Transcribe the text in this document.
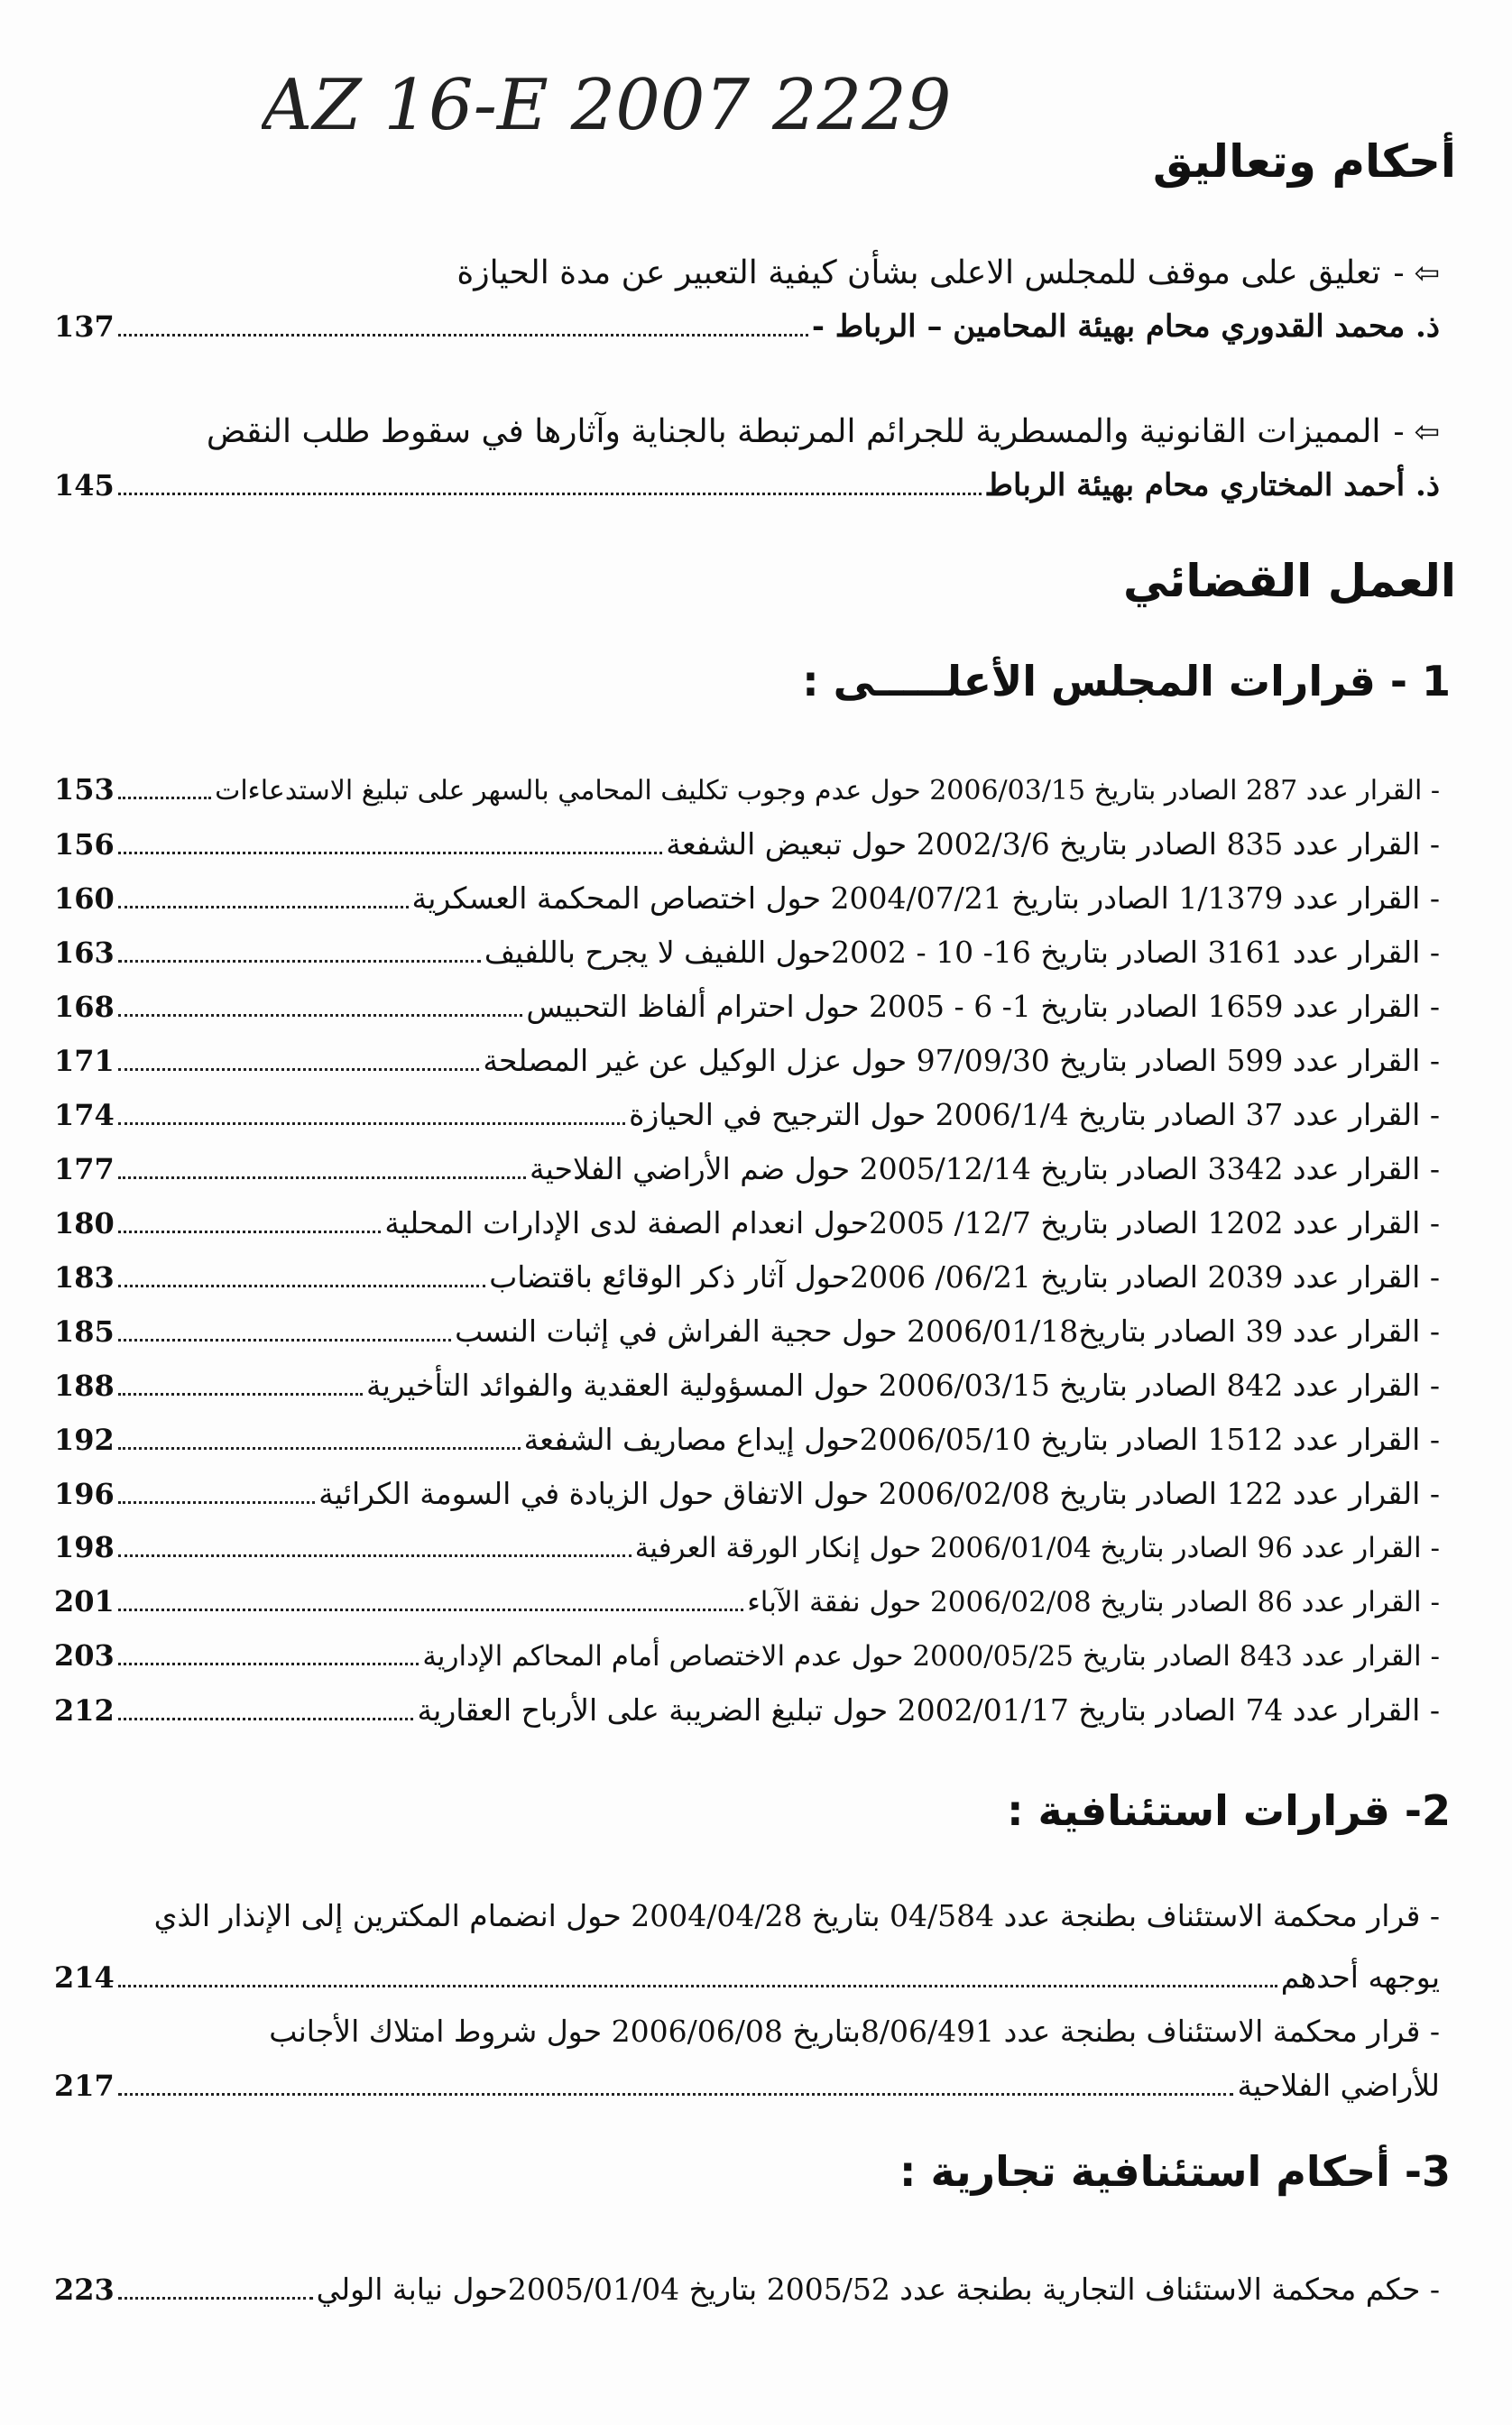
AZ 16-E 2007 2229
أحكام وتعاليق
⇦ -
تعليق على موقف للمجلس الاعلى بشأن كيفية التعبير عن مدة الحيازة
ذ. محمد القدوري محام بهيئة المحامين – الرباط -
137
⇦ -
المميزات القانونية والمسطرية للجرائم المرتبطة بالجناية وآثارها في سقوط طلب النقض
ذ. أحمد المختاري محام بهيئة الرباط
145
العمل القضائي
1 - قرارات المجلس الأعلـــــى :
- القرار عدد 287 الصادر بتاريخ 2006/03/15 حول عدم وجوب تكليف المحامي بالسهر على تبليغ الاستدعاءات
153
- القرار عدد 835 الصادر بتاريخ 2002/3/6 حول تبعيض الشفعة
156
- القرار عدد 1/1379 الصادر بتاريخ 2004/07/21 حول اختصاص المحكمة العسكرية
160
- القرار عدد 3161 الصادر بتاريخ 16- 10 - 2002حول اللفيف لا يجرح باللفيف
163
- القرار عدد 1659 الصادر بتاريخ 1- 6 - 2005 حول احترام ألفاظ التحبيس
168
- القرار عدد 599 الصادر بتاريخ 97/09/30 حول عزل الوكيل عن غير المصلحة
171
- القرار عدد 37 الصادر بتاريخ 2006/1/4 حول الترجيح في الحيازة
174
- القرار عدد 3342 الصادر بتاريخ 2005/12/14 حول ضم الأراضي الفلاحية
177
- القرار عدد 1202 الصادر بتاريخ 12/7/ 2005حول انعدام الصفة لدى الإدارات المحلية
180
- القرار عدد 2039 الصادر بتاريخ 06/21/ 2006حول آثار ذكر الوقائع باقتضاب
183
- القرار عدد 39 الصادر بتاريخ2006/01/18 حول حجية الفراش في إثبات النسب
185
- القرار عدد 842 الصادر بتاريخ 2006/03/15 حول المسؤولية العقدية والفوائد التأخيرية
188
- القرار عدد 1512 الصادر بتاريخ 2006/05/10حول إيداع مصاريف الشفعة
192
- القرار عدد 122 الصادر بتاريخ 2006/02/08 حول الاتفاق حول الزيادة في السومة الكرائية
196
- القرار عدد 96 الصادر بتاريخ 2006/01/04 حول إنكار الورقة العرفية
198
- القرار عدد 86 الصادر بتاريخ 2006/02/08 حول نفقة الآباء
201
- القرار عدد 843 الصادر بتاريخ 2000/05/25 حول عدم الاختصاص أمام المحاكم الإدارية
203
- القرار عدد 74 الصادر بتاريخ 2002/01/17 حول تبليغ الضريبة على الأرباح العقارية
212
2- قرارات استئنافية :
- قرار محكمة الاستئناف بطنجة عدد 04/584 بتاريخ 2004/04/28 حول انضمام المكترين إلى الإنذار الذي
يوجهه أحدهم
214
- قرار محكمة الاستئناف بطنجة عدد 8/06/491بتاريخ 2006/06/08 حول شروط امتلاك الأجانب
للأراضي الفلاحية
217
3- أحكام استئنافية تجارية :
- حكم محكمة الاستئناف التجارية بطنجة عدد 2005/52 بتاريخ 2005/01/04حول نيابة الولي
223
